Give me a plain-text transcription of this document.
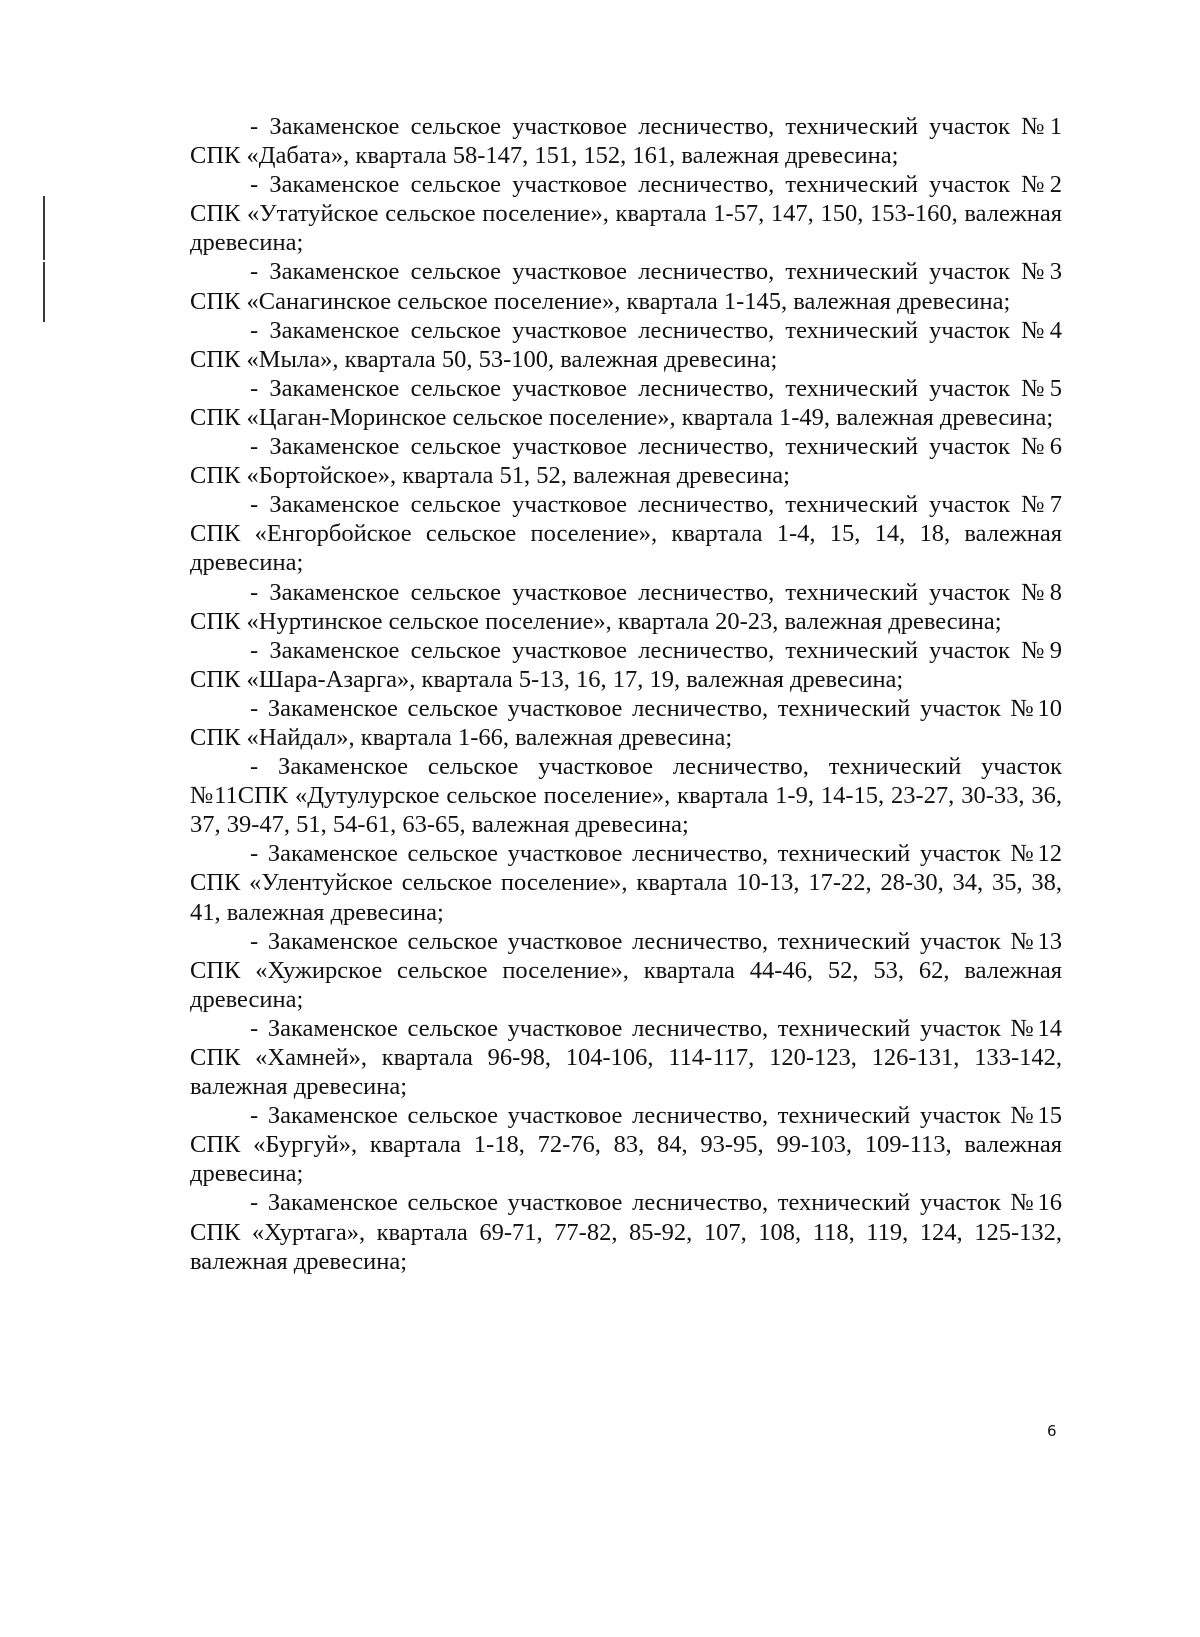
- Закаменское сельское участковое лесничество, технический участок №1 СПК «Дабата», квартала 58-147, 151, 152, 161, валежная древесина;

- Закаменское сельское участковое лесничество, технический участок №2 СПК «Утатуйское сельское поселение», квартала 1-57, 147, 150, 153-160, валежная древесина;

- Закаменское сельское участковое лесничество, технический участок №3 СПК «Санагинское сельское поселение», квартала 1-145, валежная древесина;

- Закаменское сельское участковое лесничество, технический участок №4 СПК «Мыла», квартала 50, 53-100, валежная древесина;

- Закаменское сельское участковое лесничество, технический участок №5 СПК «Цаган-Моринское сельское поселение», квартала 1-49, валежная древесина;

- Закаменское сельское участковое лесничество, технический участок №6 СПК «Бортойское», квартала 51, 52, валежная древесина;

- Закаменское сельское участковое лесничество, технический участок №7 СПК «Енгорбойское сельское поселение», квартала 1-4, 15, 14, 18, валежная древесина;

- Закаменское сельское участковое лесничество, технический участок №8 СПК «Нуртинское сельское поселение», квартала 20-23, валежная древесина;

- Закаменское сельское участковое лесничество, технический участок №9 СПК «Шара-Азарга», квартала 5-13, 16, 17, 19, валежная древесина;

- Закаменское сельское участковое лесничество, технический участок №10 СПК «Найдал», квартала 1-66, валежная древесина;

- Закаменское сельское участковое лесничество, технический участок №11СПК «Дутулурское сельское поселение», квартала 1-9, 14-15, 23-27, 30-33, 36, 37, 39-47, 51, 54-61, 63-65, валежная древесина;

- Закаменское сельское участковое лесничество, технический участок №12 СПК «Улентуйское сельское поселение», квартала 10-13, 17-22, 28-30, 34, 35, 38, 41, валежная древесина;

- Закаменское сельское участковое лесничество, технический участок №13 СПК «Хужирское сельское поселение», квартала 44-46, 52, 53, 62, валежная древесина;

- Закаменское сельское участковое лесничество, технический участок №14 СПК «Хамней», квартала 96-98, 104-106, 114-117, 120-123, 126-131, 133-142, валежная древесина;

- Закаменское сельское участковое лесничество, технический участок №15 СПК «Бургуй», квартала 1-18, 72-76, 83, 84, 93-95, 99-103, 109-113, валежная древесина;

- Закаменское сельское участковое лесничество, технический участок №16 СПК «Хуртага», квартала 69-71, 77-82, 85-92, 107, 108, 118, 119, 124, 125-132, валежная древесина;

6
